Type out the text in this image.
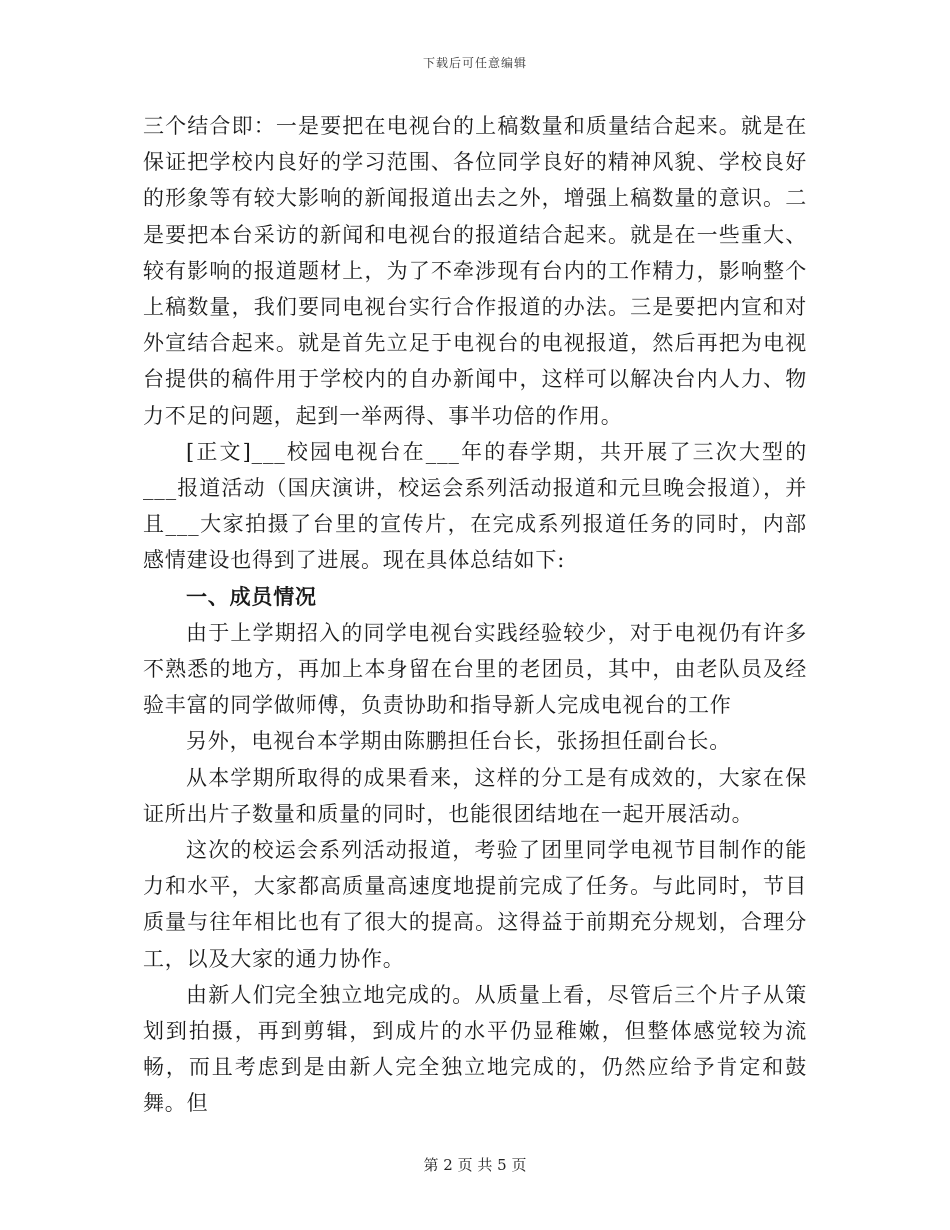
下载后可任意编辑

三个结合即：一是要把在电视台的上稿数量和质量结合起来。就是在保证把学校内良好的学习范围、各位同学良好的精神风貌、学校良好的形象等有较大影响的新闻报道出去之外，增强上稿数量的意识。二是要把本台采访的新闻和电视台的报道结合起来。就是在一些重大、较有影响的报道题材上，为了不牵涉现有台内的工作精力，影响整个上稿数量，我们要同电视台实行合作报道的办法。三是要把内宣和对外宣结合起来。就是首先立足于电视台的电视报道，然后再把为电视台提供的稿件用于学校内的自办新闻中，这样可以解决台内人力、物力不足的问题，起到一举两得、事半功倍的作用。

[正文]___校园电视台在___年的春学期，共开展了三次大型的___报道活动（国庆演讲，校运会系列活动报道和元旦晚会报道），并且___大家拍摄了台里的宣传片，在完成系列报道任务的同时，内部感情建设也得到了进展。现在具体总结如下:

一、成员情况

由于上学期招入的同学电视台实践经验较少，对于电视仍有许多不熟悉的地方，再加上本身留在台里的老团员，其中，由老队员及经验丰富的同学做师傅，负责协助和指导新人完成电视台的工作

另外，电视台本学期由陈鹏担任台长，张扬担任副台长。

从本学期所取得的成果看来，这样的分工是有成效的，大家在保证所出片子数量和质量的同时，也能很团结地在一起开展活动。

这次的校运会系列活动报道，考验了团里同学电视节目制作的能力和水平，大家都高质量高速度地提前完成了任务。与此同时，节目质量与往年相比也有了很大的提高。这得益于前期充分规划，合理分工，以及大家的通力协作。

由新人们完全独立地完成的。从质量上看，尽管后三个片子从策划到拍摄，再到剪辑，到成片的水平仍显稚嫩，但整体感觉较为流畅，而且考虑到是由新人完全独立地完成的，仍然应给予肯定和鼓舞。但

第 2 页 共 5 页
